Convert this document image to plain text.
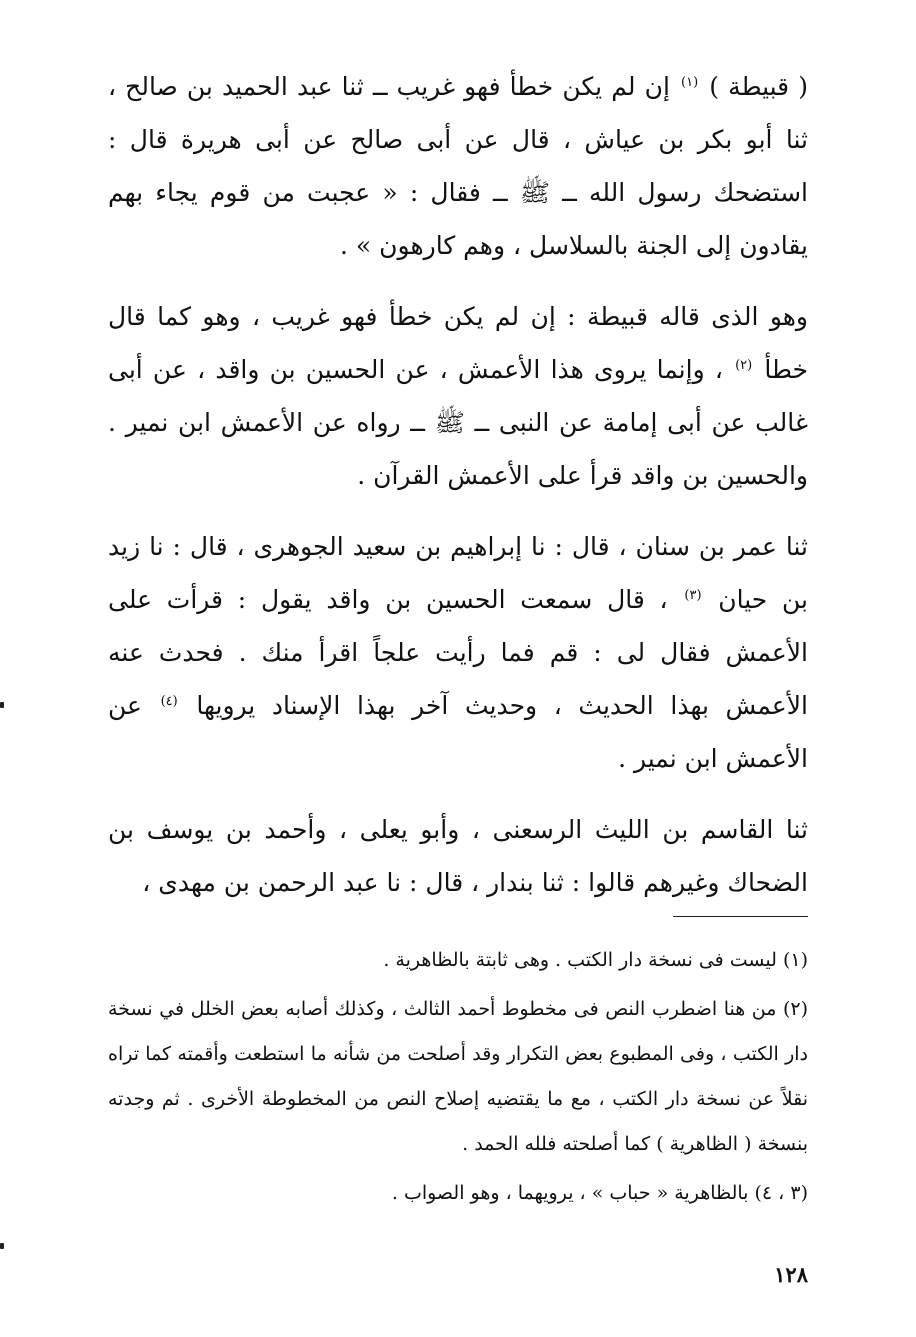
( قبيطة ) $^{(١)}$ إن لم يكن خطأ فهو غريب ــ ثنا عبد الحميد بن صالح ، ثنا أبو بكر بن عياش ، قال عن أبى صالح عن أبى هريرة قال : استضحك رسول الله ــ ﷺ ــ فقال : « عجبت من قوم يجاء بهم يقادون إلى الجنة بالسلاسل ، وهم كارهون » .

وهو الذى قاله قبيطة : إن لم يكن خطأ فهو غريب ، وهو كما قال خطأ $^{(٢)}$ ، وإنما يروى هذا الأعمش ، عن الحسين بن واقد ، عن أبى غالب عن أبى إمامة عن النبى ــ ﷺ ــ رواه عن الأعمش ابن نمير . والحسين بن واقد قرأ على الأعمش القرآن .

ثنا عمر بن سنان ، قال : نا إبراهيم بن سعيد الجوهرى ، قال : نا زيد بن حيان $^{(٣)}$ ، قال سمعت الحسين بن واقد يقول : قرأت على الأعمش فقال لى : قم فما رأيت علجاً اقرأ منك . فحدث عنه الأعمش بهذا الحديث ، وحديث آخر بهذا الإسناد يرويها $^{(٤)}$ عن الأعمش ابن نمير .

ثنا القاسم بن الليث الرسعنى ، وأبو يعلى ، وأحمد بن يوسف بن الضحاك وغيرهم قالوا : ثنا بندار ، قال : نا عبد الرحمن بن مهدى ،

(١) ليست فى نسخة دار الكتب . وهى ثابتة بالظاهرية .

(٢) من هنا اضطرب النص فى مخطوط أحمد الثالث ، وكذلك أصابه بعض الخلل في نسخة دار الكتب ، وفى المطبوع بعض التكرار وقد أصلحت من شأنه ما استطعت وأقمته كما تراه نقلاً عن نسخة دار الكتب ، مع ما يقتضيه إصلاح النص من المخطوطة الأخرى . ثم وجدته بنسخة ( الظاهرية ) كما أصلحته فلله الحمد .

(٣ ، ٤) بالظاهرية « حباب » ، يرويهما ، وهو الصواب .

١٢٨
